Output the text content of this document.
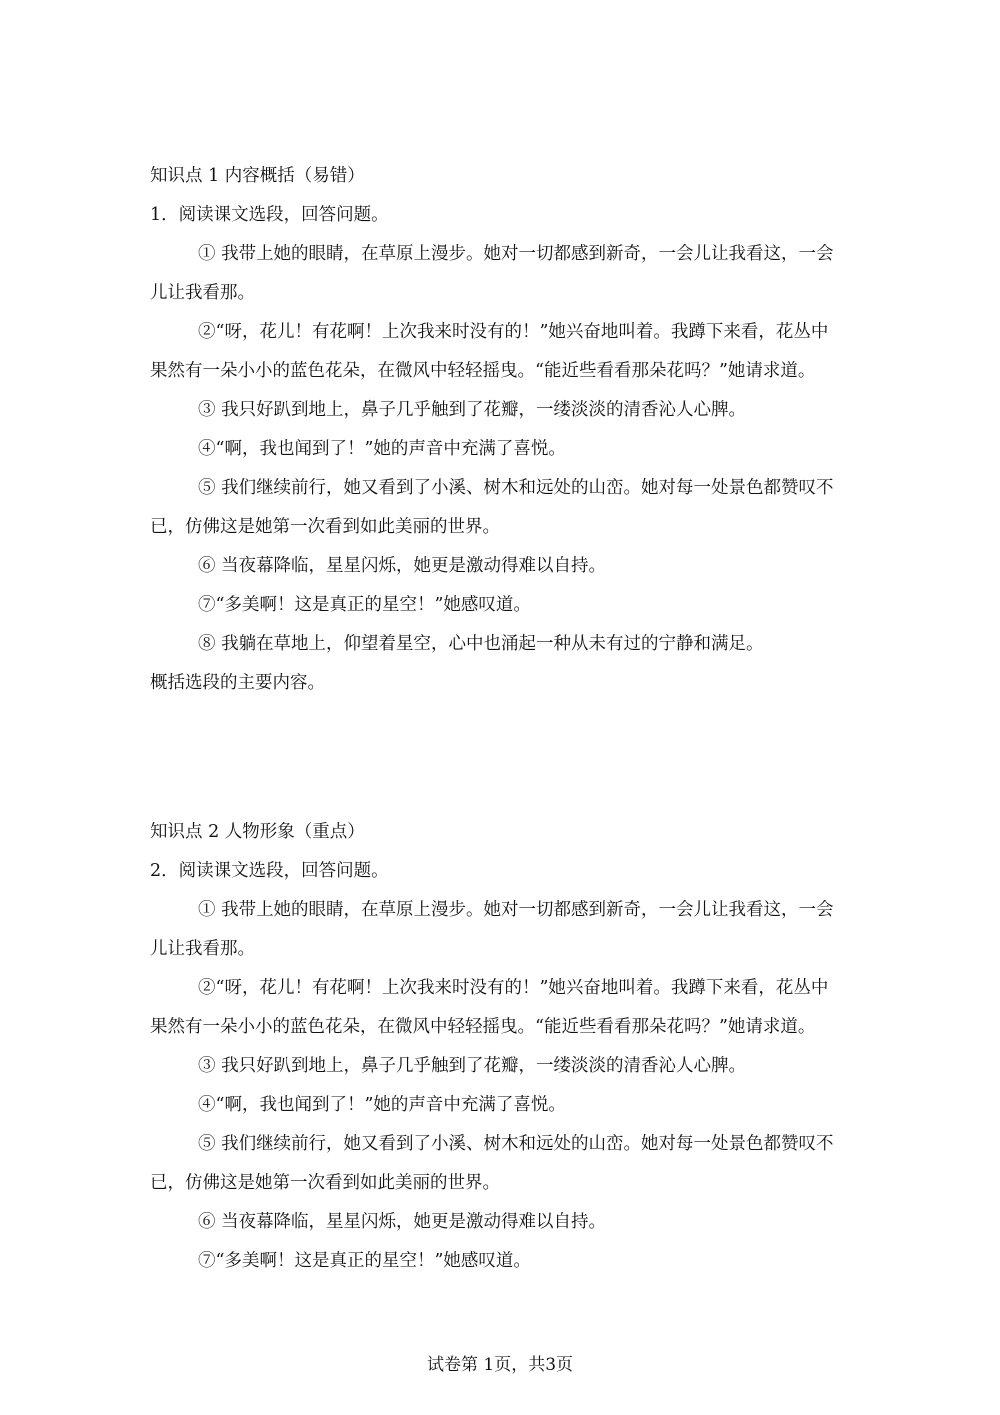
知识点 1 内容概括（易错）
1．阅读课文选段，回答问题。
① 我带上她的眼睛，在草原上漫步。她对一切都感到新奇，一会儿让我看这，一会
儿让我看那。
②“呀，花儿！有花啊！上次我来时没有的！”她兴奋地叫着。我蹲下来看，花丛中
果然有一朵小小的蓝色花朵，在微风中轻轻摇曳。“能近些看看那朵花吗？”她请求道。
③ 我只好趴到地上，鼻子几乎触到了花瓣，一缕淡淡的清香沁人心脾。
④“啊，我也闻到了！”她的声音中充满了喜悦。
⑤ 我们继续前行，她又看到了小溪、树木和远处的山峦。她对每一处景色都赞叹不
已，仿佛这是她第一次看到如此美丽的世界。
⑥ 当夜幕降临，星星闪烁，她更是激动得难以自持。
⑦“多美啊！这是真正的星空！”她感叹道。
⑧ 我躺在草地上，仰望着星空，心中也涌起一种从未有过的宁静和满足。
概括选段的主要内容。
知识点 2 人物形象（重点）
2．阅读课文选段，回答问题。
① 我带上她的眼睛，在草原上漫步。她对一切都感到新奇，一会儿让我看这，一会
儿让我看那。
②“呀，花儿！有花啊！上次我来时没有的！”她兴奋地叫着。我蹲下来看，花丛中
果然有一朵小小的蓝色花朵，在微风中轻轻摇曳。“能近些看看那朵花吗？”她请求道。
③ 我只好趴到地上，鼻子几乎触到了花瓣，一缕淡淡的清香沁人心脾。
④“啊，我也闻到了！”她的声音中充满了喜悦。
⑤ 我们继续前行，她又看到了小溪、树木和远处的山峦。她对每一处景色都赞叹不
已，仿佛这是她第一次看到如此美丽的世界。
⑥ 当夜幕降临，星星闪烁，她更是激动得难以自持。
⑦“多美啊！这是真正的星空！”她感叹道。
试卷第 1页，共3页
